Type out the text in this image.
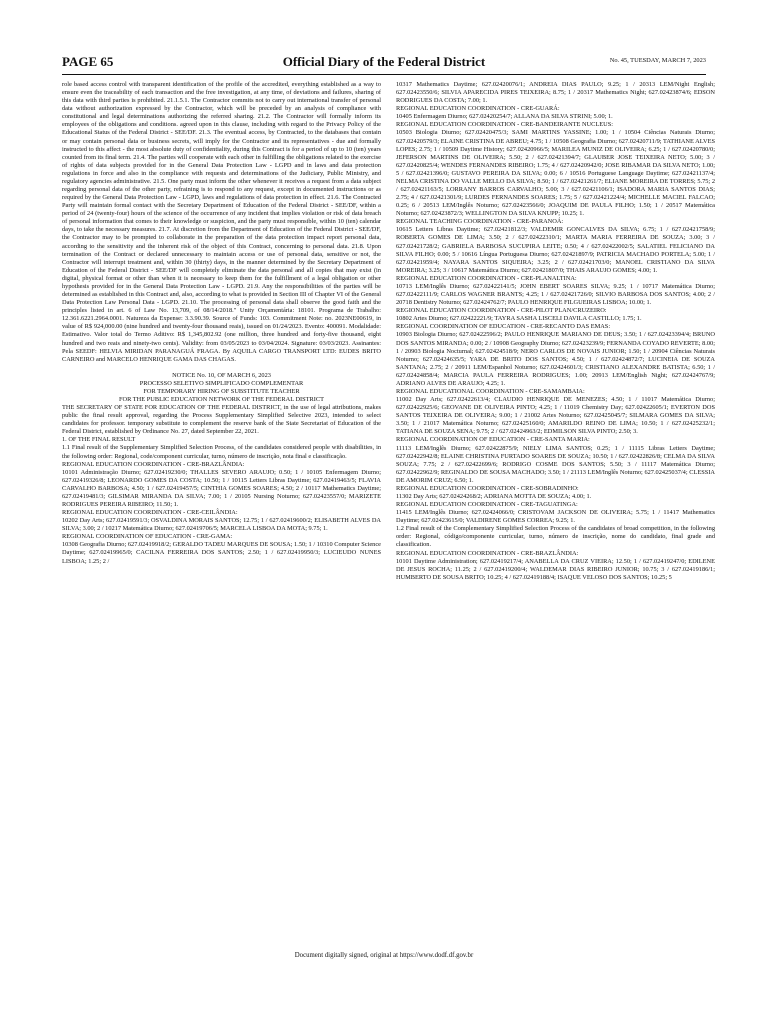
PAGE 65	Official Diary of the Federal District	No. 45, TUESDAY, MARCH 7, 2023

role based access control with transparent identification of the profile of the accredited, everything established as a way to ensure even the traceability of each transaction and the free investigation, at any time, of deviations and failures, sharing of this data with third parties is prohibited. 21.1.5.1. The Contractor commits not to carry out international transfer of personal data without authorization expressed by the Contractor, which will be preceded by an analysis of compliance with constitutional and legal determinations authorizing the referred sharing. 21.2. The Contractor will formally inform its employees of the obligations and conditions. agreed upon in this clause, including with regard to the Privacy Policy of the Educational Status of the Federal District - SEE/DF. 21.3. The eventual access, by Contracted, to the databases that contain or may contain personal data or business secrets, will imply for the Contractor and its representatives - due and formally instructed to this affect - the most absolute duty of confidentiality, during this Contract is for a period of up to 10 (ten) years counted from its final term. 21.4. The parties will cooperate with each other in fulfilling the obligations related to the exercise of rights of data subjects provided for in the General Data Protection Law - LGPD and in laws and data protection regulations in force and also in the compliance with requests and determinations of the Judiciary, Public Ministry, and regulatory agencies administrative. 21.5. One party must inform the other whenever it receives a request from a data subject regarding personal data of the other party, refraining is to respond to any request, except in documented instructions or as required by the General Data Protection Law - LGPD, laws and regulations of data protection in effect. 21.6. The Contracted Party will maintain formal contact with the Secretary Department of Education of the Federal District - SEE/DF, within a period of 24 (twenty-four) hours of the science of the occurrence of any incident that implies violation or risk of data breach of personal information that comes to their knowledge or suspicion, and the party must responsible, within 10 (ten) calendar days, to take the necessary measures. 21.7. At discretion from the Department of Education of the Federal District - SEE/DF, the Contractor may to be prompted to collaborate in the preparation of the data protection impact report personal data, according to the sensitivity and the inherent risk of the object of this Contract, concerning to personal data. 21.8. Upon termination of the Contract or declared unnecessary to maintain access or use of personal data, sensitive or not, the Contractor will interrupt treatment and, within 30 (thirty) days, in the manner determined by the Secretary Department of Education of the Federal District - SEE/DF will completely eliminate the data personal and all copies that may exist (in digital, physical format or other than when it is necessary to keep them for the fulfillment of a legal obligation or other hypothesis provided for in the General Data Protection Law - LGPD. 21.9. Any the responsibilities of the parties will be determined as established in this Contract and, also, according to what is provided in Section III of Chapter VI of the General Data Protection Law Personal Data - LGPD. 21.10. The processing of personal data shall observe the good faith and the principles listed in art. 6 of Law No. 13,709, of 08/14/2018." Unity Orçamentária: 18101. Programa de Trabalho: 12.361.6221.2964.0001. Natureza da Expense: 3.3.90.39. Source of Funds: 103. Commitment Note: no. 2023NE00619, in value of R$ 924,000.00 (nine hundred and twenty-four thousand reais), issued on 01/24/2023. Evento: 400091. Modalidade: Estimativo. Valor total do Termo Aditivo: R$ 1,345,802.92 (one million, three hundred and forty-five thousand, eight hundred and two reais and ninety-two cents). Validity: from 03/05/2023 to 03/04/2024. Signature: 03/03/2023. Assinantes: Pela SEEDF: HELVIA MIRIDAN PARANAGUÁ FRAGA. By AQUILA CARGO TRANSPORT LTD: EUDES BRITO CARNEIRO and MARCELO HENRIQUE GAMA DAS CHAGAS.

NOTICE No. 10, OF MARCH 6, 2023

PROCESSO SELETIVO SIMPLIFICADO COMPLEMENTAR

FOR TEMPORARY HIRING OF SUBSTITUTE TEACHER

FOR THE PUBLIC EDUCATION NETWORK OF THE FEDERAL DISTRICT

THE SECRETARY OF STATE FOR EDUCATION OF THE FEDERAL DISTRICT, in the use of legal attributions, makes public the final result approval, regarding the Process Supplementary Simplified Selective 2023, intended to select candidates for professor. temporary substitute to complement the reserve bank of the State Secretariat of Education of the Federal District, established by Ordinance No. 27, dated September 22, 2021.

1. OF THE FINAL RESULT

1.1 Final result of the Supplementary Simplified Selection Process, of the candidates considered people with disabilities, in the following order: Regional, code/component curricular, turno, número de inscrição, nota final e classificação.

REGIONAL EDUCATION COORDINATION - CRE-BRAZLÂNDIA:

10101 Administração Diurno; 627.02419230/0; THALLES SEVERO ARAUJO; 0.50; 1 / 10105 Enfermagem Diurno; 627.02419326/8; LEONARDO GOMES DA COSTA; 10.50; 1 / 10115 Letters Libras Daytime; 627.02419463/5; FLAVIA CARVALHO BARBOSA; 4.50; 1 / 627.02419457/5; CINTHIA GOMES SOARES; 4.50; 2 / 10117 Mathematics Daytime; 627.02419481/3; GILSIMAR MIRANDA DA SILVA; 7.00; 1 / 20105 Nursing Noturno; 627.02423557/0; MARIZETE RODRIGUES PEREIRA RIBEIRO; 11.50; 1.

REGIONAL EDUCATION COORDINATION - CRE-CEILÂNDIA:

10202 Day Arts; 627.02419591/3; OSVALDINA MORAIS SANTOS; 12.75; 1 / 627.02419600/2; ELISABETH ALVES DA SILVA; 3.00; 2 / 10217 Matemática Diurno; 627.02419706/5; MARCELA LISBOA DA MOTA; 9.75; 1.

REGIONAL COORDINATION OF EDUCATION - CRE-GAMA:

10308 Geografia Diurno; 627.02419918/2; GERALDO TADEU MARQUES DE SOUSA; 1.50; 1 / 10310 Computer Science Daytime; 627.02419965/0; CACILNA FERREIRA DOS SANTOS; 2.50; 1 / 627.02419950/3; LUCIEUDO NUNES LISBOA; 1.25; 2 /

10317 Mathematics Daytime; 627.02420076/1; ANDREIA DIAS PAULO; 9.25; 1 / 20313 LEM/Night English; 627.02423550/6; SILVIA APARECIDA PIRES TEIXEIRA; 8.75; 1 / 20317 Mathematics Night; 627.02423874/6; EDSON RODRIGUES DA COSTA; 7.00; 1.

REGIONAL EDUCATION COORDINATION - CRE-GUARÁ:

10405 Enfermagem Diurno; 627.02420254/7; ALLANA DA SILVA STRINI; 5.00; 1.

REGIONAL EDUCATION COORDINATION - CRE-BANDEIRANTE NUCLEUS:

10503 Biologia Diurno; 627.02420475/3; SAMI MARTINS YASSINE; 1.00; 1 / 10504 Ciências Naturais Diurno; 627.02420579/3; ELAINE CRISTINA DE ABREU; 4.75; 1 / 10508 Geografia Diurno; 627.02420711/9; TATHIANE ALVES LOPES; 2.75; 1 / 10509 Daytime History; 627.02420966/5; MARILEA MUNIZ DE OLIVEIRA; 6.25; 1 / 627.02420780/0; JEFERSON MARTINS DE OLIVEIRA; 5.50; 2 / 627.02421394/7; GLAUBER JOSE TEIXEIRA NETO; 5.00; 3 / 627.02420825/4; WENDES FERNANDES RIBEIRO; 1.75; 4 / 627.02420942/0; JOSE RIBAMAR DA SILVA NETO; 1.00; 5 / 627.02421396/0; GUSTAVO PEREIRA DA SILVA; 0.00; 6 / 10516 Portuguese Language Daytime; 627.02421137/4; NELMA CRISTINA DO VALLE MELLO DA SILVA; 8.50; 1 / 627.02421261/7; ELIANE MOREIRA DE TORRES; 5.75; 2 / 627.02421163/5; LORRANY BARROS CARVALHO; 5.00; 3 / 627.02421106/1; ISADORA MARIA SANTOS DIAS; 2.75; 4 / 627.02421301/9; LURDES FERNANDES SOARES; 1.75; 5 / 627.02421224/4; MICHELLE MACIEL FALCAO; 0.25; 6 / 20513 LEM/Inglês Noturno; 627.02423566/0; JOAQUIM DE PAULA FILHO; 1.50; 1 / 20517 Matemática Noturno; 627.02423872/3; WELLINGTON DA SILVA KNUPP; 10.25; 1.

REGIONAL TEACHING COORDINATION - CRE-PARANOÁ:

10615 Letters Libras Daytime; 627.02421812/3; VALDEMIR GONCALVES DA SILVA; 6.75; 1 / 627.02421758/9; ROBERTA GOMES DE LIMA; 3.50; 2 / 627.02422310/1; MARTA MARIA FERREIRA DE SOUZA; 3.00; 3 / 627.02421728/2; GABRIELA BARBOSA SUCUPIRA LEITE; 0.50; 4 / 627.02422002/5; SALATIEL FELICIANO DA SILVA FILHO; 0.00; 5 / 10616 Língua Portuguesa Diurno; 627.02421897/9; PATRICIA MACHADO PORTELA; 5.00; 1 / 627.02421959/4; NAYARA SANTOS SIQUEIRA; 3.25; 2 / 627.02421703/0; MANOEL CRISTIANO DA SILVA MOREIRA; 3.25; 3 / 10617 Matemática Diurno; 627.02421807/0; THAIS ARAUJO GOMES; 4.00; 1.

REGIONAL EDUCATION COORDINATION - CRE-PLANALTINA:

10713 LEM/Inglês Diurno; 627.02422141/5; JOHN EBERT SOARES SILVA; 9.25; 1 / 10717 Matemática Diurno; 627.02422111/9; CARLOS WAGNER BRANTS; 4.25; 1 / 627.02421726/0; SILVIO BARBOSA DOS SANTOS; 4.00; 2 / 20718 Dentistry Noturno; 627.02424762/7; PAULO HENRIQUE FILGUEIRAS LISBOA; 10.00; 1.

REGIONAL EDUCATION COORDINATION - CRE-PILOT PLAN/CRUZEIRO:

10802 Artes Diurno; 627.02422221/9; TAYRA SASHA LISCELI DAVILA CASTILLO; 1.75; 1.

REGIONAL COORDINATION OF EDUCATION - CRE-RECANTO DAS EMAS:

10903 Biologia Diurno; 627.02422596/2; PAULO HENRIQUE MARIANO DE DEUS; 3.50; 1 / 627.02423394/4; BRUNO DOS SANTOS MIRANDA; 0.00; 2 / 10908 Geography Diurno; 627.02423239/9; FERNANDA COYADO REVERTE; 8.00; 1 / 20903 Biologia Nocturnal; 627.02424518/9; NERO CARLOS DE NOVAIS JUNIOR; 1.50; 1 / 20904 Ciências Naturais Noturno; 627.02424635/5; YARA DE BRITO DOS SANTOS; 4.50; 1 / 627.02424872/7; LUCINEIA DE SOUZA SANTANA; 2.75; 2 / 20911 LEM/Espanhol Noturno; 627.02424601/3; CRISTIANO ALEXANDRE BATISTA; 6.50; 1 / 627.02424858/4; MARCIA PAULA FERREIRA RODRIGUES; 1.00; 20913 LEM/English Night; 627.02424767/9; ADRIANO ALVES DE ARAUJO; 4.25; 1.

REGIONAL EDUCATIONAL COORDINATION - CRE-SAMAMBAIA:

11002 Day Arts; 627.02422613/4; CLAUDIO HENRIQUE DE MENEZES; 4.50; 1 / 11017 Matemática Diurno; 627.02422925/6; GEOVANE DE OLIVEIRA PINTO; 4.25; 1 / 11019 Chemistry Day; 627.02422605/1; EVERTON DOS SANTOS TEIXEIRA DE OLIVEIRA; 9.00; 1 / 21002 Artes Noturno; 627.02425045/7; SILMARA GOMES DA SILVA; 3.50; 1 / 21017 Matemática Noturno; 627.02425160/0; AMARILDO REINO DE LIMA; 10.50; 1 / 627.02425232/1; TATIANA DE SOUZA SENA; 9.75; 2 / 627.02424963/2; EDMILSON SILVA PINTO; 2.50; 3.

REGIONAL COORDINATION OF EDUCATION - CRE-SANTA MARIA:

11113 LEM/Inglês Diurno; 627.02422875/9; NIELY LIMA SANTOS; 0.25; 1 / 11115 Libras Letters Daytime; 627.02422942/8; ELAINE CHRISTINA FURTADO SOARES DE SOUZA; 10.50; 1 / 627.02422826/8; CELMA DA SILVA SOUZA; 7.75; 2 / 627.02422699/6; RODRIGO COSME DOS SANTOS; 5.50; 3 / 11117 Matemática Diurno; 627.02422962/9; REGINALDO DE SOUSA MACHADO; 3.50; 1 / 21113 LEM/Inglês Noturno; 627.02425037/4; CLESSIA DE AMORIM CRUZ; 6.50; 1.

REGIONAL EDUCATION COORDINATION - CRE-SOBRADINHO:

11302 Day Arts; 627.02424268/2; ADRIANA MOTTA DE SOUZA; 4.00; 1.

REGIONAL EDUCATION COORDINATION - CRE-TAGUATINGA:

11415 LEM/Inglês Diurno; 627.02424066/0; CRISTOVAM JACKSON DE OLIVEIRA; 5.75; 1 / 11417 Mathematics Daytime; 627.02423615/0; VALDIRENE GOMES CORREA; 9.25; 1.

1.2 Final result of the Complementary Simplified Selection Process of the candidates of broad competition, in the following order: Regional, código/componente curricular, turno, número de inscrição, nome do candidato, final grade and classification.

REGIONAL EDUCATION COORDINATION - CRE-BRAZLÂNDIA:

10101 Daytime Administration; 627.02419217/4; ANABELLA DA CRUZ VIEIRA; 12.50; 1 / 627.02419247/0; EDILENE DE JESUS ROCHA; 11.25; 2 / 627.02419200/4; WALDEMAR DIAS RIBEIRO JUNIOR; 10.75; 3 / 627.02419186/1; HUMBERTO DE SOUSA BRITO; 10.25; 4 / 627.02419188/4; ISAQUE VELOSO DOS SANTOS; 10.25; 5

Document digitally signed, original at https://www.dodf.df.gov.br
